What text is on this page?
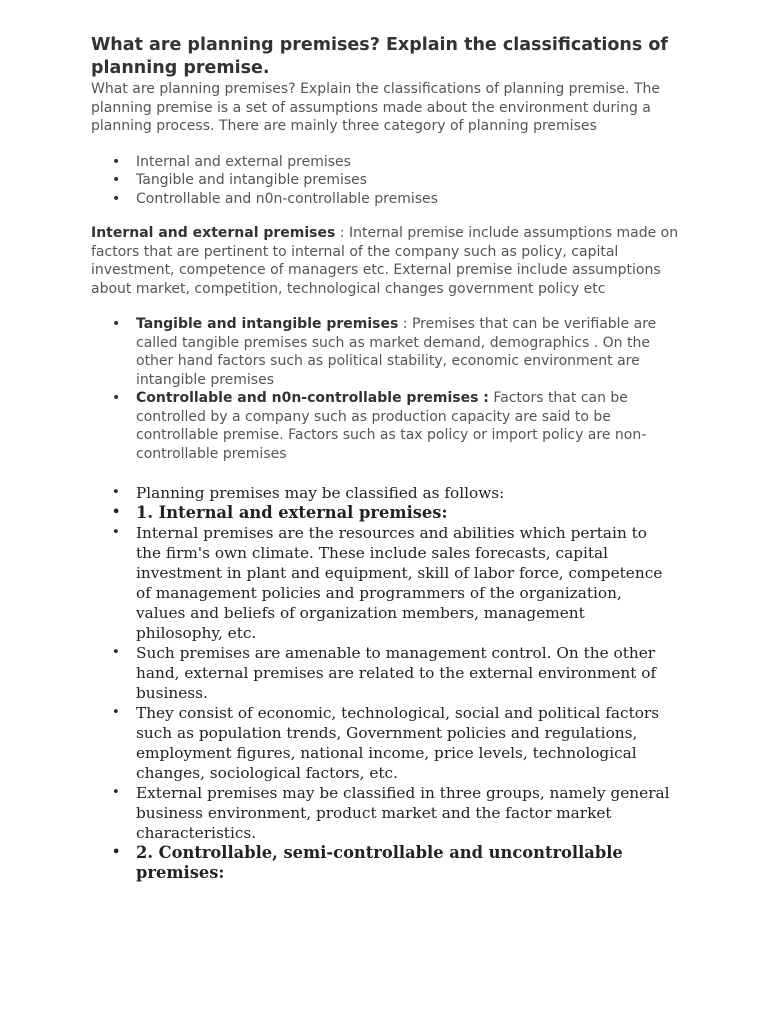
What are planning premises? Explain the classifications of planning premise.

What are planning premises? Explain the classifications of planning premise. The planning premise is a set of assumptions made about the environment during a planning process. There are mainly three category of planning premises

• Internal and external premises
• Tangible and intangible premises
• Controllable and n0n-controllable premises

Internal and external premises : Internal premise include assumptions made on factors that are pertinent to internal of the company such as policy, capital investment, competence of managers etc. External premise include assumptions about market, competition, technological changes government policy etc

• Tangible and intangible premises : Premises that can be verifiable are called tangible premises such as market demand, demographics . On the other hand factors such as political stability, economic environment are intangible premises
• Controllable and n0n-controllable premises : Factors that can be controlled by a company such as production capacity are said to be controllable premise. Factors such as tax policy or import policy are non-controllable premises
• Planning premises may be classified as follows:
• 1. Internal and external premises:
• Internal premises are the resources and abilities which pertain to the firm's own climate. These include sales forecasts, capital investment in plant and equipment, skill of labor force, competence of management policies and programmers of the organization, values and beliefs of organization members, management philosophy, etc.
• Such premises are amenable to management control. On the other hand, external premises are related to the external environment of business.
• They consist of economic, technological, social and political factors such as population trends, Government policies and regulations, employment figures, national income, price levels, technological changes, sociological factors, etc.
• External premises may be classified in three groups, namely general business environment, product market and the factor market characteristics.
• 2. Controllable, semi-controllable and uncontrollable premises:
